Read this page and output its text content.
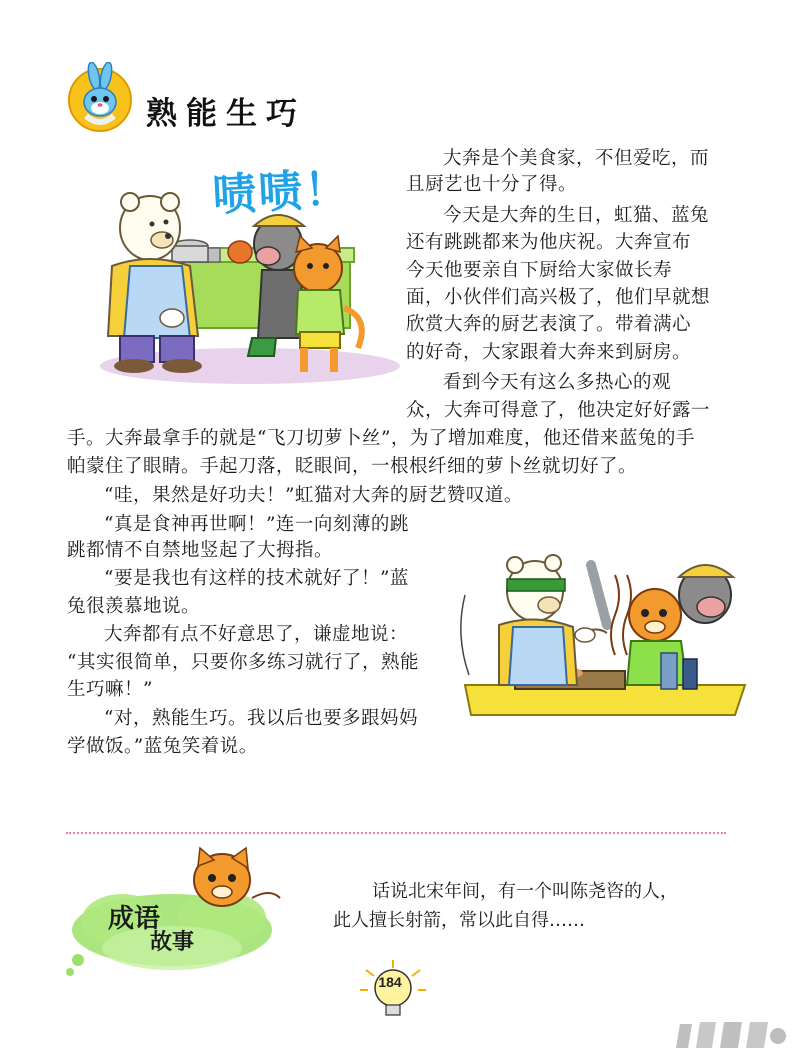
熟能生巧
啧啧！
大奔是个美食家，不但爱吃，而
且厨艺也十分了得。
今天是大奔的生日，虹猫、蓝兔
还有跳跳都来为他庆祝。大奔宣布
今天他要亲自下厨给大家做长寿
面，小伙伴们高兴极了，他们早就想
欣赏大奔的厨艺表演了。带着满心
的好奇，大家跟着大奔来到厨房。
看到今天有这么多热心的观
众，大奔可得意了，他决定好好露一
手。大奔最拿手的就是“飞刀切萝卜丝”，为了增加难度，他还借来蓝兔的手
帕蒙住了眼睛。手起刀落，眨眼间，一根根纤细的萝卜丝就切好了。
“哇，果然是好功夫！”虹猫对大奔的厨艺赞叹道。
“真是食神再世啊！”连一向刻薄的跳
跳都情不自禁地竖起了大拇指。
“要是我也有这样的技术就好了！”蓝
兔很羡慕地说。
大奔都有点不好意思了，谦虚地说：
“其实很简单，只要你多练习就行了，熟能
生巧嘛！”
“对，熟能生巧。我以后也要多跟妈妈
学做饭。”蓝兔笑着说。
成语
故事
话说北宋年间，有一个叫陈尧咨的人，
此人擅长射箭，常以此自得……
184
